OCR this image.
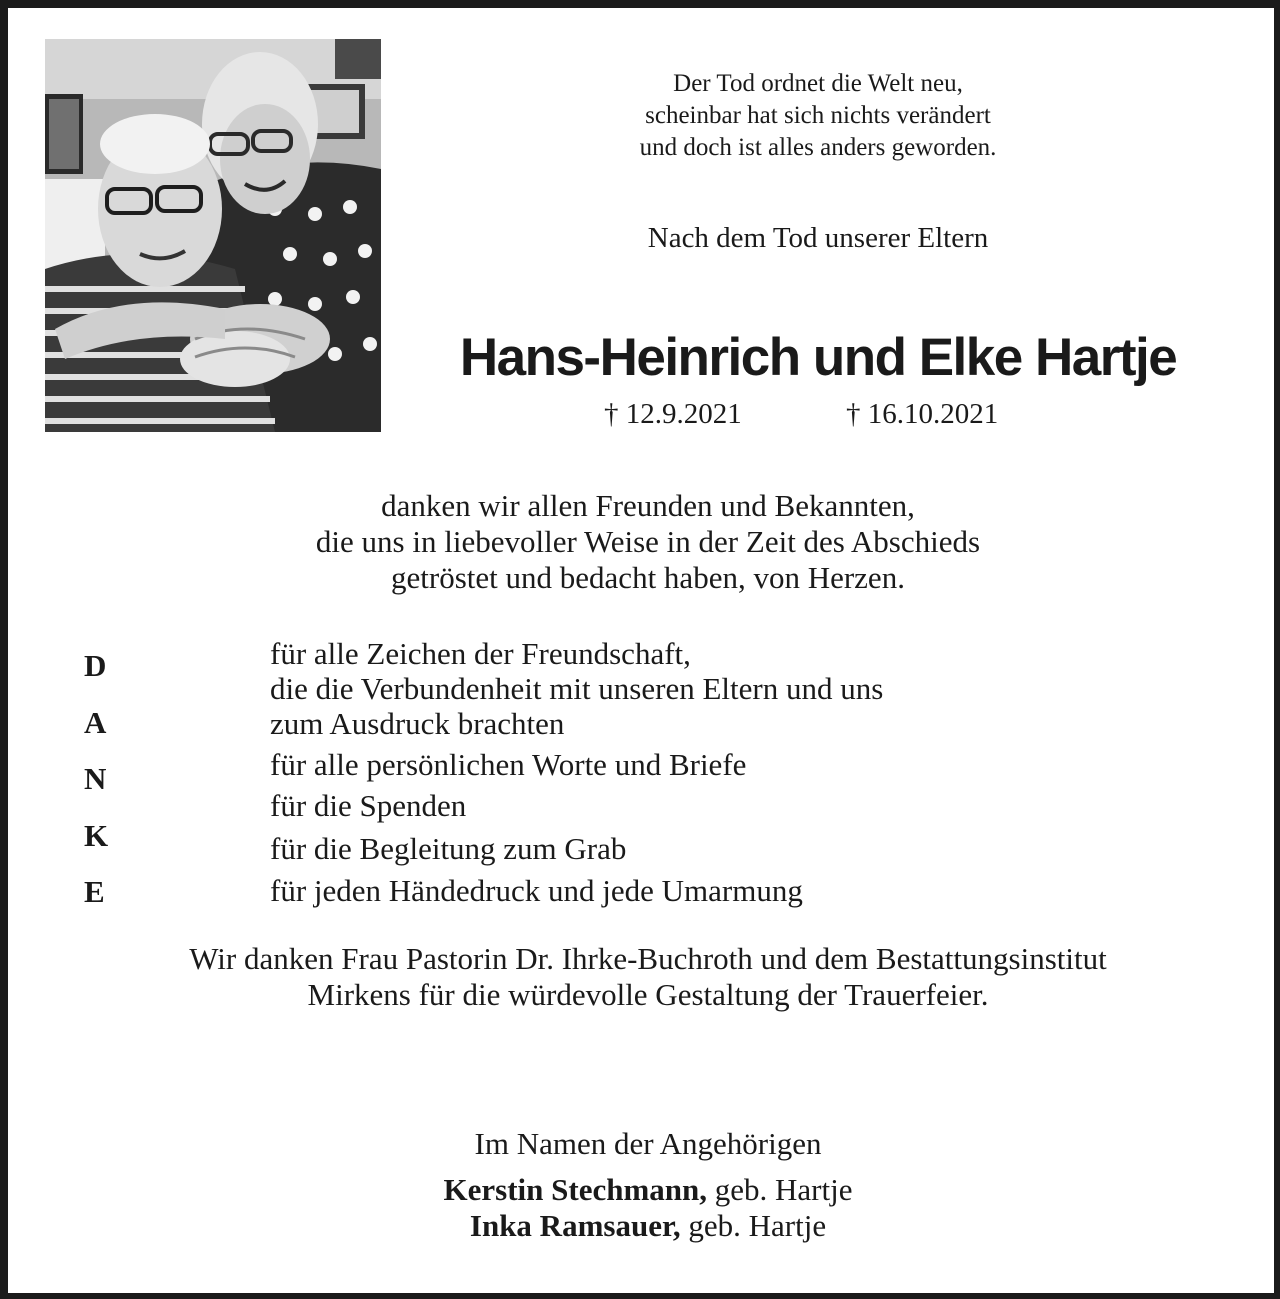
Der Tod ordnet die Welt neu,
scheinbar hat sich nichts verändert
und doch ist alles anders geworden.
Nach dem Tod unserer Eltern
Hans-Heinrich und Elke Hartje
† 12.9.2021	† 16.10.2021
danken wir allen Freunden und Bekannten,
die uns in liebevoller Weise in der Zeit des Abschieds
getröstet und bedacht haben, von Herzen.
D
A
N
K
E
für alle Zeichen der Freundschaft,
die die Verbundenheit mit unseren Eltern und uns
zum Ausdruck brachten
für alle persönlichen Worte und Briefe
für die Spenden
für die Begleitung zum Grab
für jeden Händedruck und jede Umarmung
Wir danken Frau Pastorin Dr. Ihrke-Buchroth und dem Bestattungsinstitut
Mirkens für die würdevolle Gestaltung der Trauerfeier.
Im Namen der Angehörigen
Kerstin Stechmann, geb. Hartje
Inka Ramsauer, geb. Hartje
